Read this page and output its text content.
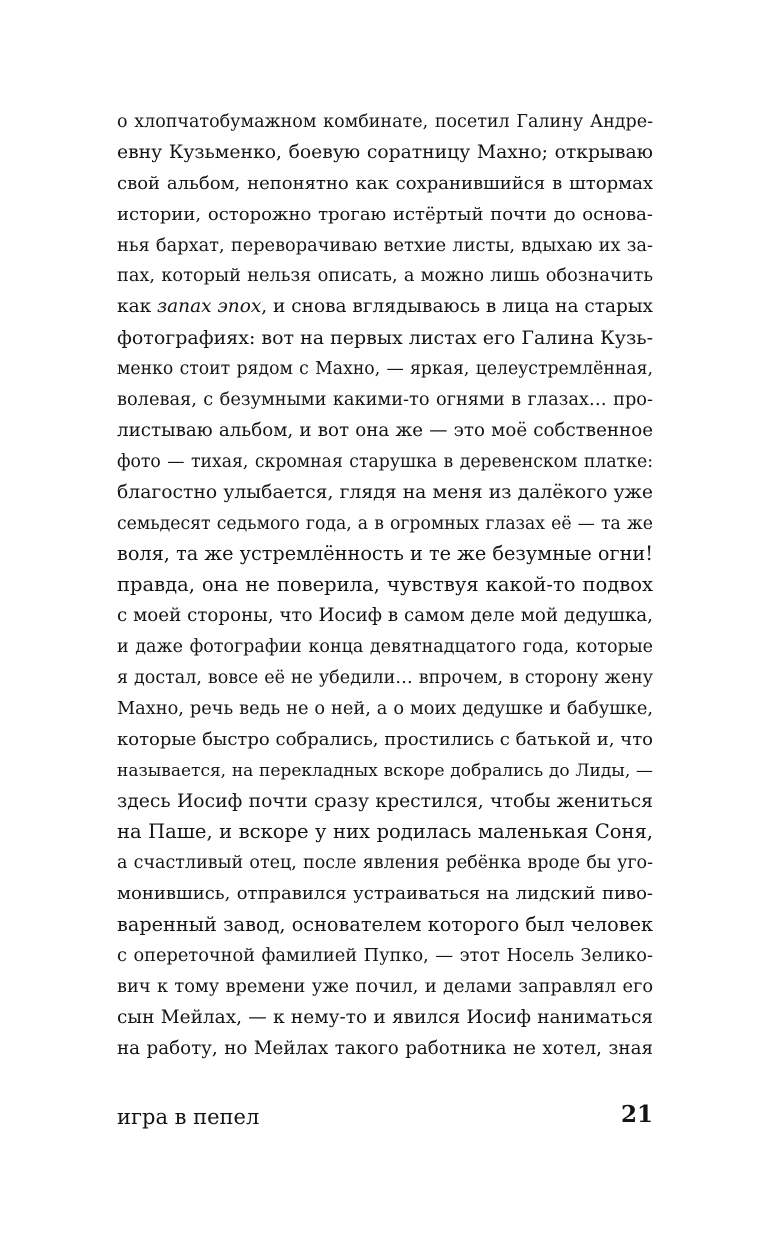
о хлопчатобумажном комбинате, посетил Галину Андре-
евну Кузьменко, боевую соратницу Махно; открываю
свой альбом, непонятно как сохранившийся в штормах
истории, осторожно трогаю истёртый почти до основа-
нья бархат, переворачиваю ветхие листы, вдыхаю их за-
пах, который нельзя описать, а можно лишь обозначить
как запах эпох, и снова вглядываюсь в лица на старых
фотографиях: вот на первых листах его Галина Кузь-
менко стоит рядом с Махно, — яркая, целеустремлённая,
волевая, с безумными какими-то огнями в глазах… про-
листываю альбом, и вот она же — это моё собственное
фото — тихая, скромная старушка в деревенском платке:
благостно улыбается, глядя на меня из далёкого уже
семьдесят седьмого года, а в огромных глазах её — та же
воля, та же устремлённость и те же безумные огни!
правда, она не поверила, чувствуя какой-то подвох
с моей стороны, что Иосиф в самом деле мой дедушка,
и даже фотографии конца девятнадцатого года, которые
я достал, вовсе её не убедили… впрочем, в сторону жену
Махно, речь ведь не о ней, а о моих дедушке и бабушке,
которые быстро собрались, простились с батькой и, что
называется, на перекладных вскоре добрались до Лиды, —
здесь Иосиф почти сразу крестился, чтобы жениться
на Паше, и вскоре у них родилась маленькая Соня,
а счастливый отец, после явления ребёнка вроде бы уго-
монившись, отправился устраиваться на лидский пиво-
варенный завод, основателем которого был человек
с опереточной фамилией Пупко, — этот Носель Зелико-
вич к тому времени уже почил, и делами заправлял его
сын Мейлах, — к нему-то и явился Иосиф наниматься
на работу, но Мейлах такого работника не хотел, зная
игра в пепел	21
